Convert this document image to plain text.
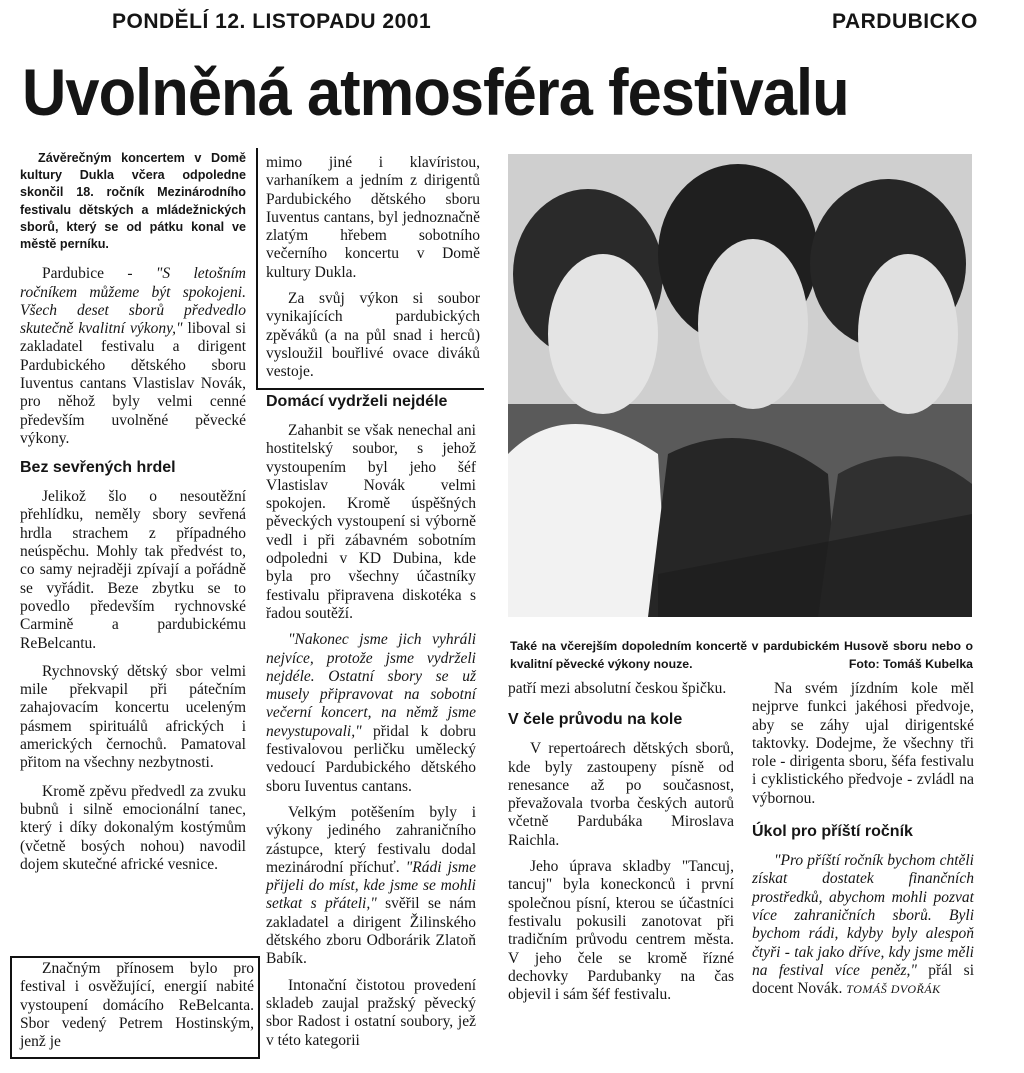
PONDĚLÍ 12. LISTOPADU 2001	PARDUBICKO
Uvolněná atmosféra festivalu

Závěrečným koncertem v Domě kultury Dukla včera odpoledne skončil 18. ročník Mezinárodního festivalu dětských a mládežnických sborů, který se od pátku konal ve městě perníku.

Pardubice - "S letošním ročníkem můžeme být spokojeni. Všech deset sborů předvedlo skutečně kvalitní výkony," liboval si zakladatel festivalu a dirigent Pardubického dětského sboru Iuventus cantans Vlastislav Novák, pro něhož byly velmi cenné především uvolněné pěvecké výkony.

Bez sevřených hrdel

Jelikož šlo o nesoutěžní přehlídku, neměly sbory sevřená hrdla strachem z případného neúspěchu. Mohly tak předvést to, co samy nejraději zpívají a pořádně se vyřádit. Beze zbytku se to povedlo především rychnovské Carmině a pardubickému ReBelcantu.

Rychnovský dětský sbor velmi mile překvapil při pátečním zahajovacím koncertu uceleným pásmem spirituálů afrických i amerických černochů. Pamatoval přitom na všechny nezbytnosti.

Kromě zpěvu předvedl za zvuku bubnů i silně emocionální tanec, který i díky dokonalým kostýmům (včetně bosých nohou) navodil dojem skutečné africké vesnice.

Značným přínosem bylo pro festival i osvěžující, energií nabité vystoupení domácího ReBelcanta. Sbor vedený Petrem Hostinským, jenž je

mimo jiné i klavíristou, varhaníkem a jedním z dirigentů Pardubického dětského sboru Iuventus cantans, byl jednoznačně zlatým hřebem sobotního večerního koncertu v Domě kultury Dukla.

Za svůj výkon si soubor vynikajících pardubických zpěváků (a na půl snad i herců) vysloužil bouřlivé ovace diváků vestoje.

Domácí vydrželi nejdéle

Zahanbit se však nenechal ani hostitelský soubor, s jehož vystoupením byl jeho šéf Vlastislav Novák velmi spokojen. Kromě úspěšných pěveckých vystoupení si výborně vedl i při zábavném sobotním odpoledni v KD Dubina, kde byla pro všechny účastníky festivalu připravena diskotéka s řadou soutěží.

"Nakonec jsme jich vyhráli nejvíce, protože jsme vydrželi nejdéle. Ostatní sbory se už musely připravovat na sobotní večerní koncert, na němž jsme nevystupovali," přidal k dobru festivalovou perličku umělecký vedoucí Pardubického dětského sboru Iuventus cantans.

Velkým potěšením byly i výkony jediného zahraničního zástupce, který festivalu dodal mezinárodní příchuť. "Rádi jsme přijeli do míst, kde jsme se mohli setkat s přáteli," svěřil se nám zakladatel a dirigent Žilinského dětského zboru Odborárik Zlatoň Babík.

Intonační čistotou provedení skladeb zaujal pražský pěvecký sbor Radost i ostatní soubory, jež v této kategorii

Také na včerejším dopoledním koncertě v pardubickém Husově sboru nebo o kvalitní pěvecké výkony nouze.	Foto: Tomáš Kubelka

patří mezi absolutní českou špičku.

V čele průvodu na kole

V repertoárech dětských sborů, kde byly zastoupeny písně od renesance až po současnost, převažovala tvorba českých autorů včetně Pardubáka Miroslava Raichla.

Jeho úprava skladby "Tancuj, tancuj" byla koneckonců i první společnou písní, kterou se účastníci festivalu pokusili zanotovat při tradičním průvodu centrem města. V jeho čele se kromě řízné dechovky Pardubanky na čas objevil i sám šéf festivalu.

Na svém jízdním kole měl nejprve funkci jakéhosi předvoje, aby se záhy ujal dirigentské taktovky. Dodejme, že všechny tři role - dirigenta sboru, šéfa festivalu i cyklistického předvoje - zvládl na výbornou.

Úkol pro příští ročník

"Pro příští ročník bychom chtěli získat dostatek finančních prostředků, abychom mohli pozvat více zahraničních sborů. Byli bychom rádi, kdyby byly alespoň čtyři - tak jako dříve, kdy jsme měli na festival více peněz," přál si docent Novák. TOMÁŠ DVOŘÁK
